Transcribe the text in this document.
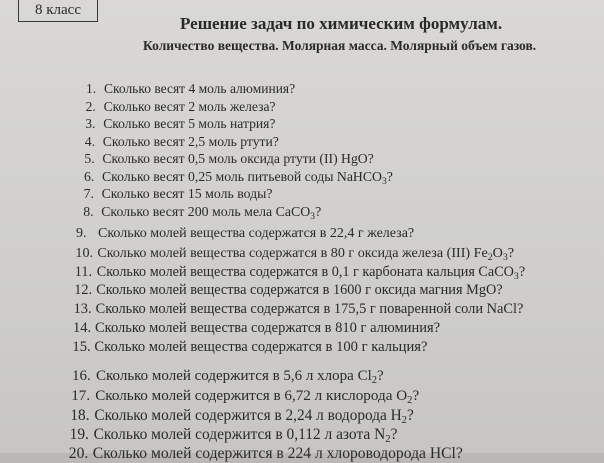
8 класс
Решение задач по химическим формулам.
Количество вещества. Молярная масса. Молярный объем газов.
1. Сколько весят 4 моль алюминия?
2. Сколько весят 2 моль железа?
3. Сколько весят 5 моль натрия?
4. Сколько весят 2,5 моль ртути?
5. Сколько весят 0,5 моль оксида ртути (II) HgO?
6. Сколько весят 0,25 моль питьевой соды NaHCO$_3$?
7. Сколько весят 15 моль воды?
8. Сколько весят 200 моль мела CaCO$_3$?
9. Сколько молей вещества содержатся в 22,4 г железа?
10. Сколько молей вещества содержатся в 80 г оксида железа (III) $Fe_2O_3$?
11. Сколько молей вещества содержатся в 0,1 г карбоната кальция CaCO$_3$?
12. Сколько молей вещества содержатся в 1600 г оксида магния MgO?
13. Сколько молей вещества содержатся в 175,5 г поваренной соли NaCl?
14. Сколько молей вещества содержатся в 810 г алюминия?
15. Сколько молей вещества содержатся в 100 г кальция?
16. Сколько молей содержится в 5,6 л хлора $Cl_2$?
17. Сколько молей содержится в 6,72 л кислорода $O_2$?
18. Сколько молей содержится в 2,24 л водорода $H_2$?
19. Сколько молей содержится в 0,112 л азота $N_2$?
20. Сколько молей содержится в 224 л хлороводорода HCl?
